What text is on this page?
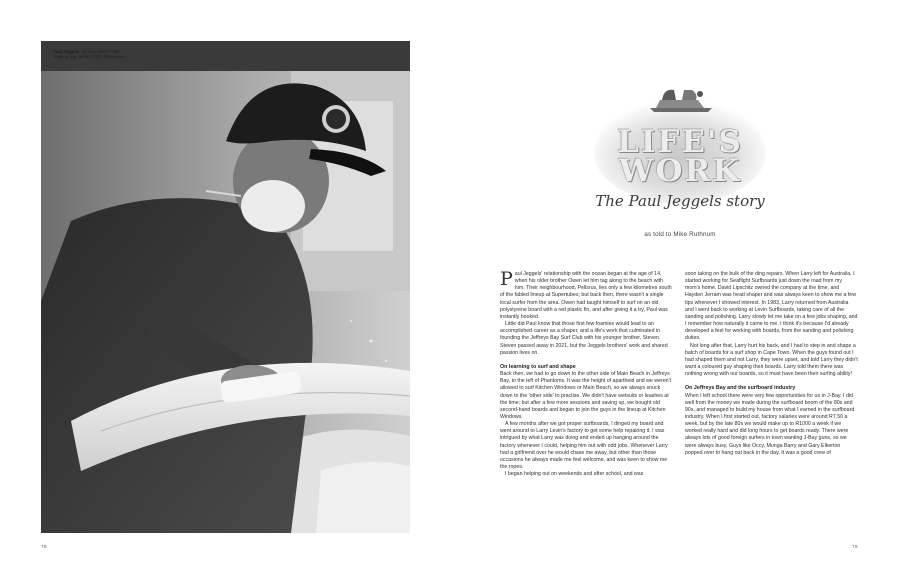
Paul Jeggels, photographed in his
shaping bay, winter 2022, @scrrwave
78	79
LIFE'S
WORK
The Paul Jeggels story
as told to Mike Ruthnum

Paul Jeggels' relationship with the ocean began at the age of 14, when his older brother Owen let him tag along to the beach with him. Their neighbourhood, Pellsrus, lies only a few kilometres south of the fabled lineup at Supertubes; but back then, there wasn't a single local surfer from the area. Owen had taught himself to surf on an old polystyrene board with a red plastic fin, and after giving it a try, Paul was instantly hooked.

Little did Paul know that those first few foamies would lead to an accomplished career as a shaper, and a life's work that culminated in founding the Jeffreys Bay Surf Club with his younger brother, Steven. Steven passed away in 2021, but the Jeggels brothers' work and shared passion lives on.

On learning to surf and shape

Back then, we had to go down to the other side of Main Beach in Jeffreys Bay, to the left of Phantoms. It was the height of apartheid and we weren't allowed to surf Kitchen Windows or Main Beach, so we always snuck down to the 'other side' to practise. We didn't have wetsuits or leashes at the time; but after a few more sessions and saving up, we bought old second-hand boards and began to join the guys in the lineup at Kitchen Windows.

A few months after we got proper surfboards, I dinged my board and went around to Larry Levin's factory to get some help repairing it. I was intrigued by what Larry was doing and ended up hanging around the factory whenever I could, helping him out with odd jobs. Whenever Larry had a girlfriend over he would chase me away, but other than those occasions he always made me feel welcome, and was keen to show me the ropes.

I began helping out on weekends and after school, and was

soon taking on the bulk of the ding repairs. When Larry left for Australia, I started working for Seaflight Surfboards just down the road from my mom's home. David Lipschitz owned the company at the time, and Hayden Jerram was head shaper and was always keen to show me a few tips whenever I showed interest. In 1983, Larry returned from Australia and I went back to working at Levin Surfboards, taking care of all the sanding and polishing. Larry slowly let me take on a few jobs shaping, and I remember how naturally it came to me. I think it's because I'd already developed a feel for working with boards, from the sanding and polishing duties.

Not long after that, Larry hurt his back, and I had to step in and shape a batch of boards for a surf shop in Cape Town. When the guys found out I had shaped them and not Larry, they were upset, and told Larry they didn't want a coloured guy shaping their boards. Larry told them there was nothing wrong with our boards, so it must have been their surfing ability!

On Jeffreys Bay and the surfboard industry

When I left school there were very few opportunities for us in J-Bay. I did well from the money we made during the surfboard boom of the 80s and 90s, and managed to build my house from what I earned in the surfboard industry. When I first started out, factory salaries were around R7,50 a week, but by the late 80s we would make up to R1000 a week if we worked really hard and did long hours to get boards ready. There were always lots of good foreign surfers in town wanting J-Bay guns, so we were always busy. Guys like Occy, Munga Barry and Gary Elkerton popped over to hang out back in the day. It was a good crew of
